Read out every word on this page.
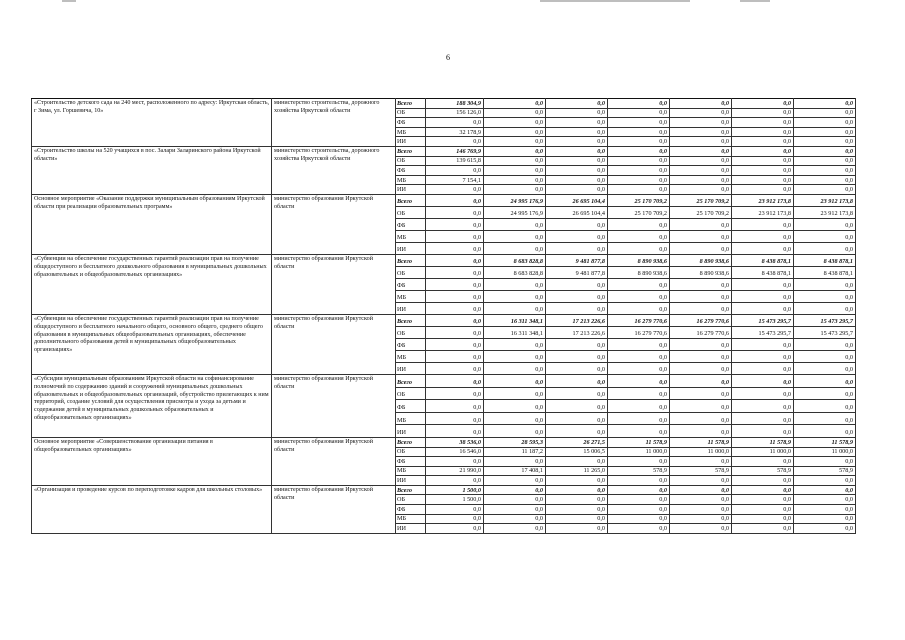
6
«Строительство детского сада на 240 мест, расположенного по адресу: Иркутская область, г Зима, ул. Горшевича, 10»	министерство строительства, дорожного хозяйства Иркутской области	Всего	188 304,9	0,0	0,0	0,0	0,0	0,0	0,0
		ОБ	156 126,0	0,0	0,0	0,0	0,0	0,0	0,0
		ФБ	0,0	0,0	0,0	0,0	0,0	0,0	0,0
		МБ	32 178,9	0,0	0,0	0,0	0,0	0,0	0,0
		ИИ	0,0	0,0	0,0	0,0	0,0	0,0	0,0
«Строительство школы на 520 учащихся в пос. Залари Заларинского района Иркутской области»	министерство строительства, дорожного хозяйства Иркутской области	Всего	146 769,9	0,0	0,0	0,0	0,0	0,0	0,0
		ОБ	139 615,8	0,0	0,0	0,0	0,0	0,0	0,0
		ФБ	0,0	0,0	0,0	0,0	0,0	0,0	0,0
		МБ	7 154,1	0,0	0,0	0,0	0,0	0,0	0,0
		ИИ	0,0	0,0	0,0	0,0	0,0	0,0	0,0
Основное мероприятие «Оказание поддержки муниципальным образованиям Иркутской области при реализации образовательных программ»	министерство образования Иркутской области	Всего	0,0	24 995 176,9	26 695 104,4	25 170 709,2	25 170 709,2	23 912 173,8	23 912 173,8
		ОБ	0,0	24 995 176,9	26 695 104,4	25 170 709,2	25 170 709,2	23 912 173,8	23 912 173,8
		ФБ	0,0	0,0	0,0	0,0	0,0	0,0	0,0
		МБ	0,0	0,0	0,0	0,0	0,0	0,0	0,0
		ИИ	0,0	0,0	0,0	0,0	0,0	0,0	0,0
«Субвенции на обеспечение государственных гарантий реализации прав на получение общедоступного и бесплатного дошкольного образования в муниципальных дошкольных образовательных и общеобразовательных организациях»	министерство образования Иркутской области	Всего	0,0	8 683 828,8	9 481 877,8	8 890 938,6	8 890 938,6	8 438 878,1	8 438 878,1
		ОБ	0,0	8 683 828,8	9 481 877,8	8 890 938,6	8 890 938,6	8 438 878,1	8 438 878,1
		ФБ	0,0	0,0	0,0	0,0	0,0	0,0	0,0
		МБ	0,0	0,0	0,0	0,0	0,0	0,0	0,0
		ИИ	0,0	0,0	0,0	0,0	0,0	0,0	0,0
«Субвенции на обеспечение государственных гарантий реализации прав на получение общедоступного и бесплатного начального общего, основного общего, среднего общего образования в муниципальных общеобразовательных организациях, обеспечение дополнительного образования детей в муниципальных общеобразовательных организациях»	министерство образования Иркутской области	Всего	0,0	16 311 348,1	17 213 226,6	16 279 770,6	16 279 770,6	15 473 295,7	15 473 295,7
		ОБ	0,0	16 311 348,1	17 213 226,6	16 279 770,6	16 279 770,6	15 473 295,7	15 473 295,7
		ФБ	0,0	0,0	0,0	0,0	0,0	0,0	0,0
		МБ	0,0	0,0	0,0	0,0	0,0	0,0	0,0
		ИИ	0,0	0,0	0,0	0,0	0,0	0,0	0,0
«Субсидии муниципальным образованиям Иркутской области на софинансирование полномочий по содержанию зданий и сооружений муниципальных дошкольных образовательных и общеобразовательных организаций, обустройство прилегающих к ним территорий, создание условий для осуществления присмотра и ухода за детьми и содержания детей в муниципальных дошкольных образовательных и общеобразовательных организациях»	министерство образования Иркутской области	Всего	0,0	0,0	0,0	0,0	0,0	0,0	0,0
		ОБ	0,0	0,0	0,0	0,0	0,0	0,0	0,0
		ФБ	0,0	0,0	0,0	0,0	0,0	0,0	0,0
		МБ	0,0	0,0	0,0	0,0	0,0	0,0	0,0
		ИИ	0,0	0,0	0,0	0,0	0,0	0,0	0,0
Основное мероприятие «Совершенствование организации питания в общеобразовательных организациях»	министерство образования Иркутской области	Всего	38 536,0	28 595,3	26 271,5	11 578,9	11 578,9	11 578,9	11 578,9
		ОБ	16 546,0	11 187,2	15 006,5	11 000,0	11 000,0	11 000,0	11 000,0
		ФБ	0,0	0,0	0,0	0,0	0,0	0,0	0,0
		МБ	21 990,0	17 408,1	11 265,0	578,9	578,9	578,9	578,9
		ИИ	0,0	0,0	0,0	0,0	0,0	0,0	0,0
«Организация и проведение курсов по переподготовке кадров для школьных столовых»	министерство образования Иркутской области	Всего	1 500,0	0,0	0,0	0,0	0,0	0,0	0,0
		ОБ	1 500,0	0,0	0,0	0,0	0,0	0,0	0,0
		ФБ	0,0	0,0	0,0	0,0	0,0	0,0	0,0
		МБ	0,0	0,0	0,0	0,0	0,0	0,0	0,0
		ИИ	0,0	0,0	0,0	0,0	0,0	0,0	0,0
